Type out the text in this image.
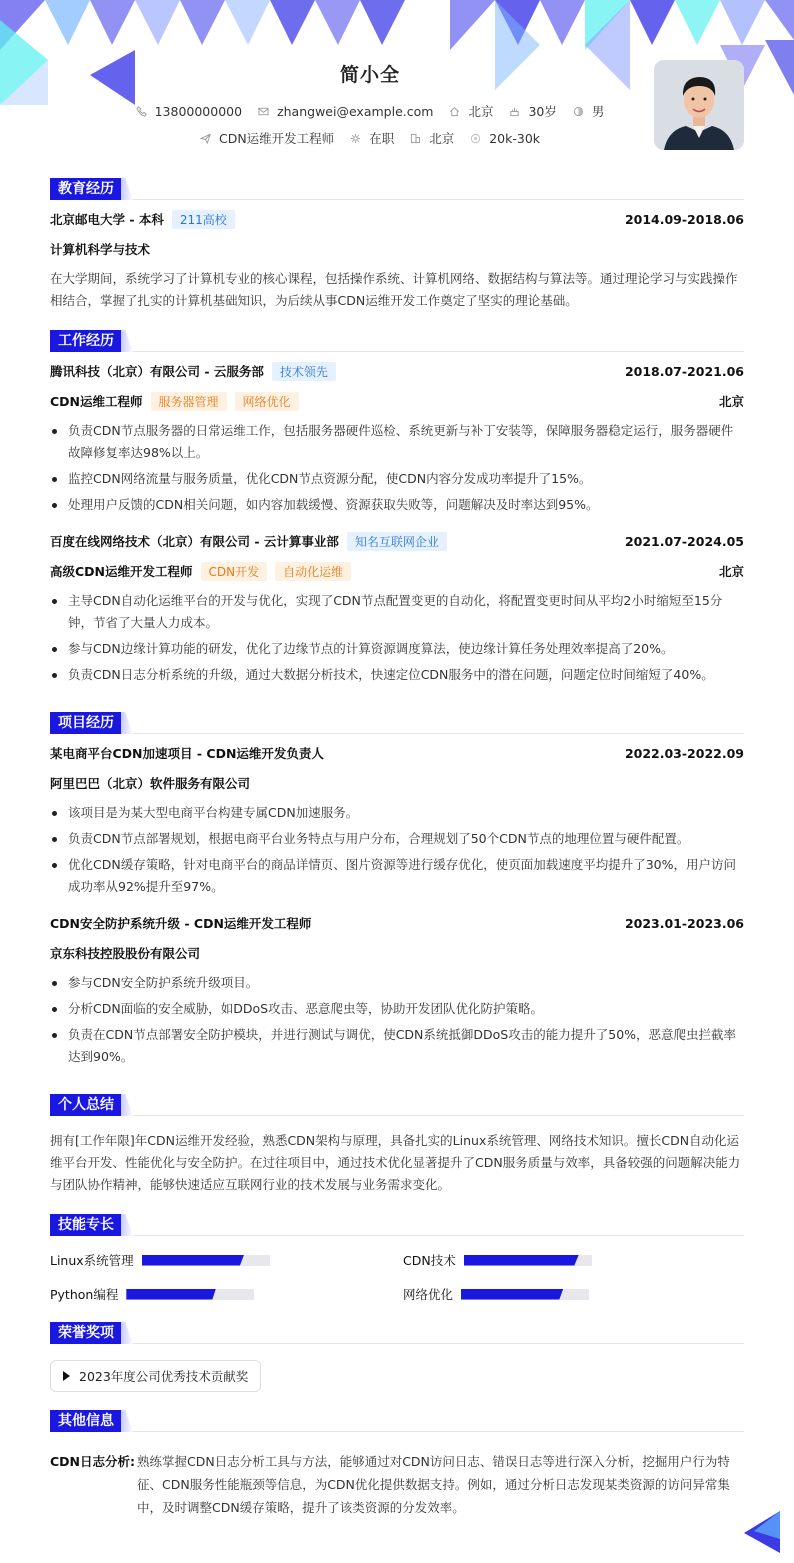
简小全
13800000000	zhangwei@example.com	北京	30岁	男
CDN运维开发工程师	在职	北京	20k-30k
教育经历
北京邮电大学 - 本科	211高校	2014.09-2018.06
计算机科学与技术

在大学期间，系统学习了计算机专业的核心课程，包括操作系统、计算机网络、数据结构与算法等。通过理论学习与实践操作相结合，掌握了扎实的计算机基础知识，为后续从事CDN运维开发工作奠定了坚实的理论基础。

工作经历
腾讯科技（北京）有限公司 - 云服务部	技术领先	2018.07-2021.06
CDN运维工程师	服务器管理	网络优化	北京
负责CDN节点服务器的日常运维工作，包括服务器硬件巡检、系统更新与补丁安装等，保障服务器稳定运行，服务器硬件故障修复率达98%以上。
监控CDN网络流量与服务质量，优化CDN节点资源分配，使CDN内容分发成功率提升了15%。
处理用户反馈的CDN相关问题，如内容加载缓慢、资源获取失败等，问题解决及时率达到95%。
百度在线网络技术（北京）有限公司 - 云计算事业部	知名互联网企业	2021.07-2024.05
高级CDN运维开发工程师	CDN开发	自动化运维	北京
主导CDN自动化运维平台的开发与优化，实现了CDN节点配置变更的自动化，将配置变更时间从平均2小时缩短至15分钟，节省了大量人力成本。
参与CDN边缘计算功能的研发，优化了边缘节点的计算资源调度算法，使边缘计算任务处理效率提高了20%。
负责CDN日志分析系统的升级，通过大数据分析技术，快速定位CDN服务中的潜在问题，问题定位时间缩短了40%。
项目经历
某电商平台CDN加速项目 - CDN运维开发负责人	2022.03-2022.09
阿里巴巴（北京）软件服务有限公司
该项目是为某大型电商平台构建专属CDN加速服务。
负责CDN节点部署规划，根据电商平台业务特点与用户分布，合理规划了50个CDN节点的地理位置与硬件配置。
优化CDN缓存策略，针对电商平台的商品详情页、图片资源等进行缓存优化，使页面加载速度平均提升了30%，用户访问成功率从92%提升至97%。
CDN安全防护系统升级 - CDN运维开发工程师	2023.01-2023.06
京东科技控股股份有限公司
参与CDN安全防护系统升级项目。
分析CDN面临的安全威胁，如DDoS攻击、恶意爬虫等，协助开发团队优化防护策略。
负责在CDN节点部署安全防护模块，并进行测试与调优，使CDN系统抵御DDoS攻击的能力提升了50%，恶意爬虫拦截率达到90%。
个人总结

拥有[工作年限]年CDN运维开发经验，熟悉CDN架构与原理，具备扎实的Linux系统管理、网络技术知识。擅长CDN自动化运维平台开发、性能优化与安全防护。在过往项目中，通过技术优化显著提升了CDN服务质量与效率，具备较强的问题解决能力与团队协作精神，能够快速适应互联网行业的技术发展与业务需求变化。

技能专长
Linux系统管理	CDN技术
Python编程	网络优化
荣誉奖项
2023年度公司优秀技术贡献奖
其他信息
CDN日志分析: 熟练掌握CDN日志分析工具与方法，能够通过对CDN访问日志、错误日志等进行深入分析，挖掘用户行为特征、CDN服务性能瓶颈等信息，为CDN优化提供数据支持。例如，通过分析日志发现某类资源的访问异常集中，及时调整CDN缓存策略，提升了该类资源的分发效率。
